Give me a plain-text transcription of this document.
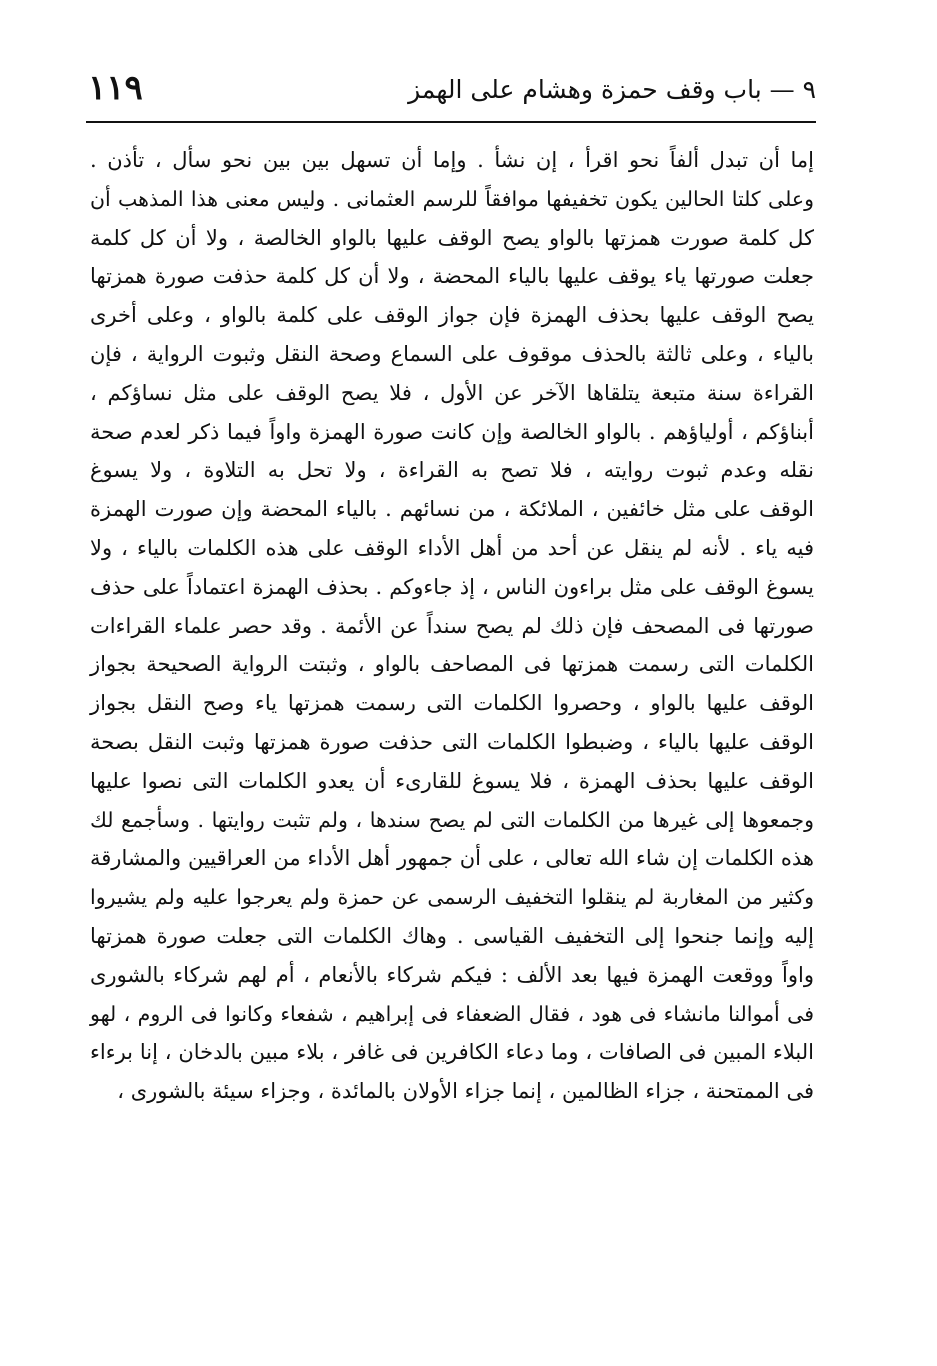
٩ — باب وقف حمزة وهشام على الهمز
١١٩
إما أن تبدل ألفاً نحو اقرأ ، إن نشأ . وإما أن تسهل بين بين نحو سأل ، تأذن .
وعلى كلتا الحالين يكون تخفيفها موافقاً للرسم العثمانى . وليس معنى هذا المذهب أن
كل كلمة صورت همزتها بالواو يصح الوقف عليها بالواو الخالصة ، ولا أن كل كلمة
جعلت صورتها ياء يوقف عليها بالياء المحضة ، ولا أن كل كلمة حذفت صورة همزتها
يصح الوقف عليها بحذف الهمزة فإن جواز الوقف على كلمة بالواو ، وعلى أخرى
بالياء ، وعلى ثالثة بالحذف موقوف على السماع وصحة النقل وثبوت الرواية ، فإن
القراءة سنة متبعة يتلقاها الآخر عن الأول ، فلا يصح الوقف على مثل نساؤكم ،
أبناؤكم ، أولياؤهم . بالواو الخالصة وإن كانت صورة الهمزة واواً فيما ذكر لعدم صحة
نقله وعدم ثبوت روايته ، فلا تصح به القراءة ، ولا تحل به التلاوة ، ولا يسوغ
الوقف على مثل خائفين ، الملائكة ، من نسائهم . بالياء المحضة وإن صورت الهمزة
فيه ياء . لأنه لم ينقل عن أحد من أهل الأداء الوقف على هذه الكلمات بالياء ، ولا
يسوغ الوقف على مثل براءون الناس ، إذ جاءوكم . بحذف الهمزة اعتماداً على حذف
صورتها فى المصحف فإن ذلك لم يصح سنداً عن الأئمة . وقد حصر علماء القراءات
الكلمات التى رسمت همزتها فى المصاحف بالواو ، وثبتت الرواية الصحيحة بجواز
الوقف عليها بالواو ، وحصروا الكلمات التى رسمت همزتها ياء وصح النقل بجواز
الوقف عليها بالياء ، وضبطوا الكلمات التى حذفت صورة همزتها وثبت النقل بصحة
الوقف عليها بحذف الهمزة ، فلا يسوغ للقارىء أن يعدو الكلمات التى نصوا عليها
وجمعوها إلى غيرها من الكلمات التى لم يصح سندها ، ولم تثبت روايتها . وسأجمع لك
هذه الكلمات إن شاء الله تعالى ، على أن جمهور أهل الأداء من العراقيين والمشارقة
وكثير من المغاربة لم ينقلوا التخفيف الرسمى عن حمزة ولم يعرجوا عليه ولم يشيروا
إليه وإنما جنحوا إلى التخفيف القياسى . وهاك الكلمات التى جعلت صورة همزتها
واواً ووقعت الهمزة فيها بعد الألف : فيكم شركاء بالأنعام ، أم لهم شركاء بالشورى
فى أموالنا مانشاء فى هود ، فقال الضعفاء فى إبراهيم ، شفعاء وكانوا فى الروم ، لهو
البلاء المبين فى الصافات ، وما دعاء الكافرين فى غافر ، بلاء مبين بالدخان ، إنا برءاء
فى الممتحنة ، جزاء الظالمين ، إنما جزاء الأولان بالمائدة ، وجزاء سيئة بالشورى ،
